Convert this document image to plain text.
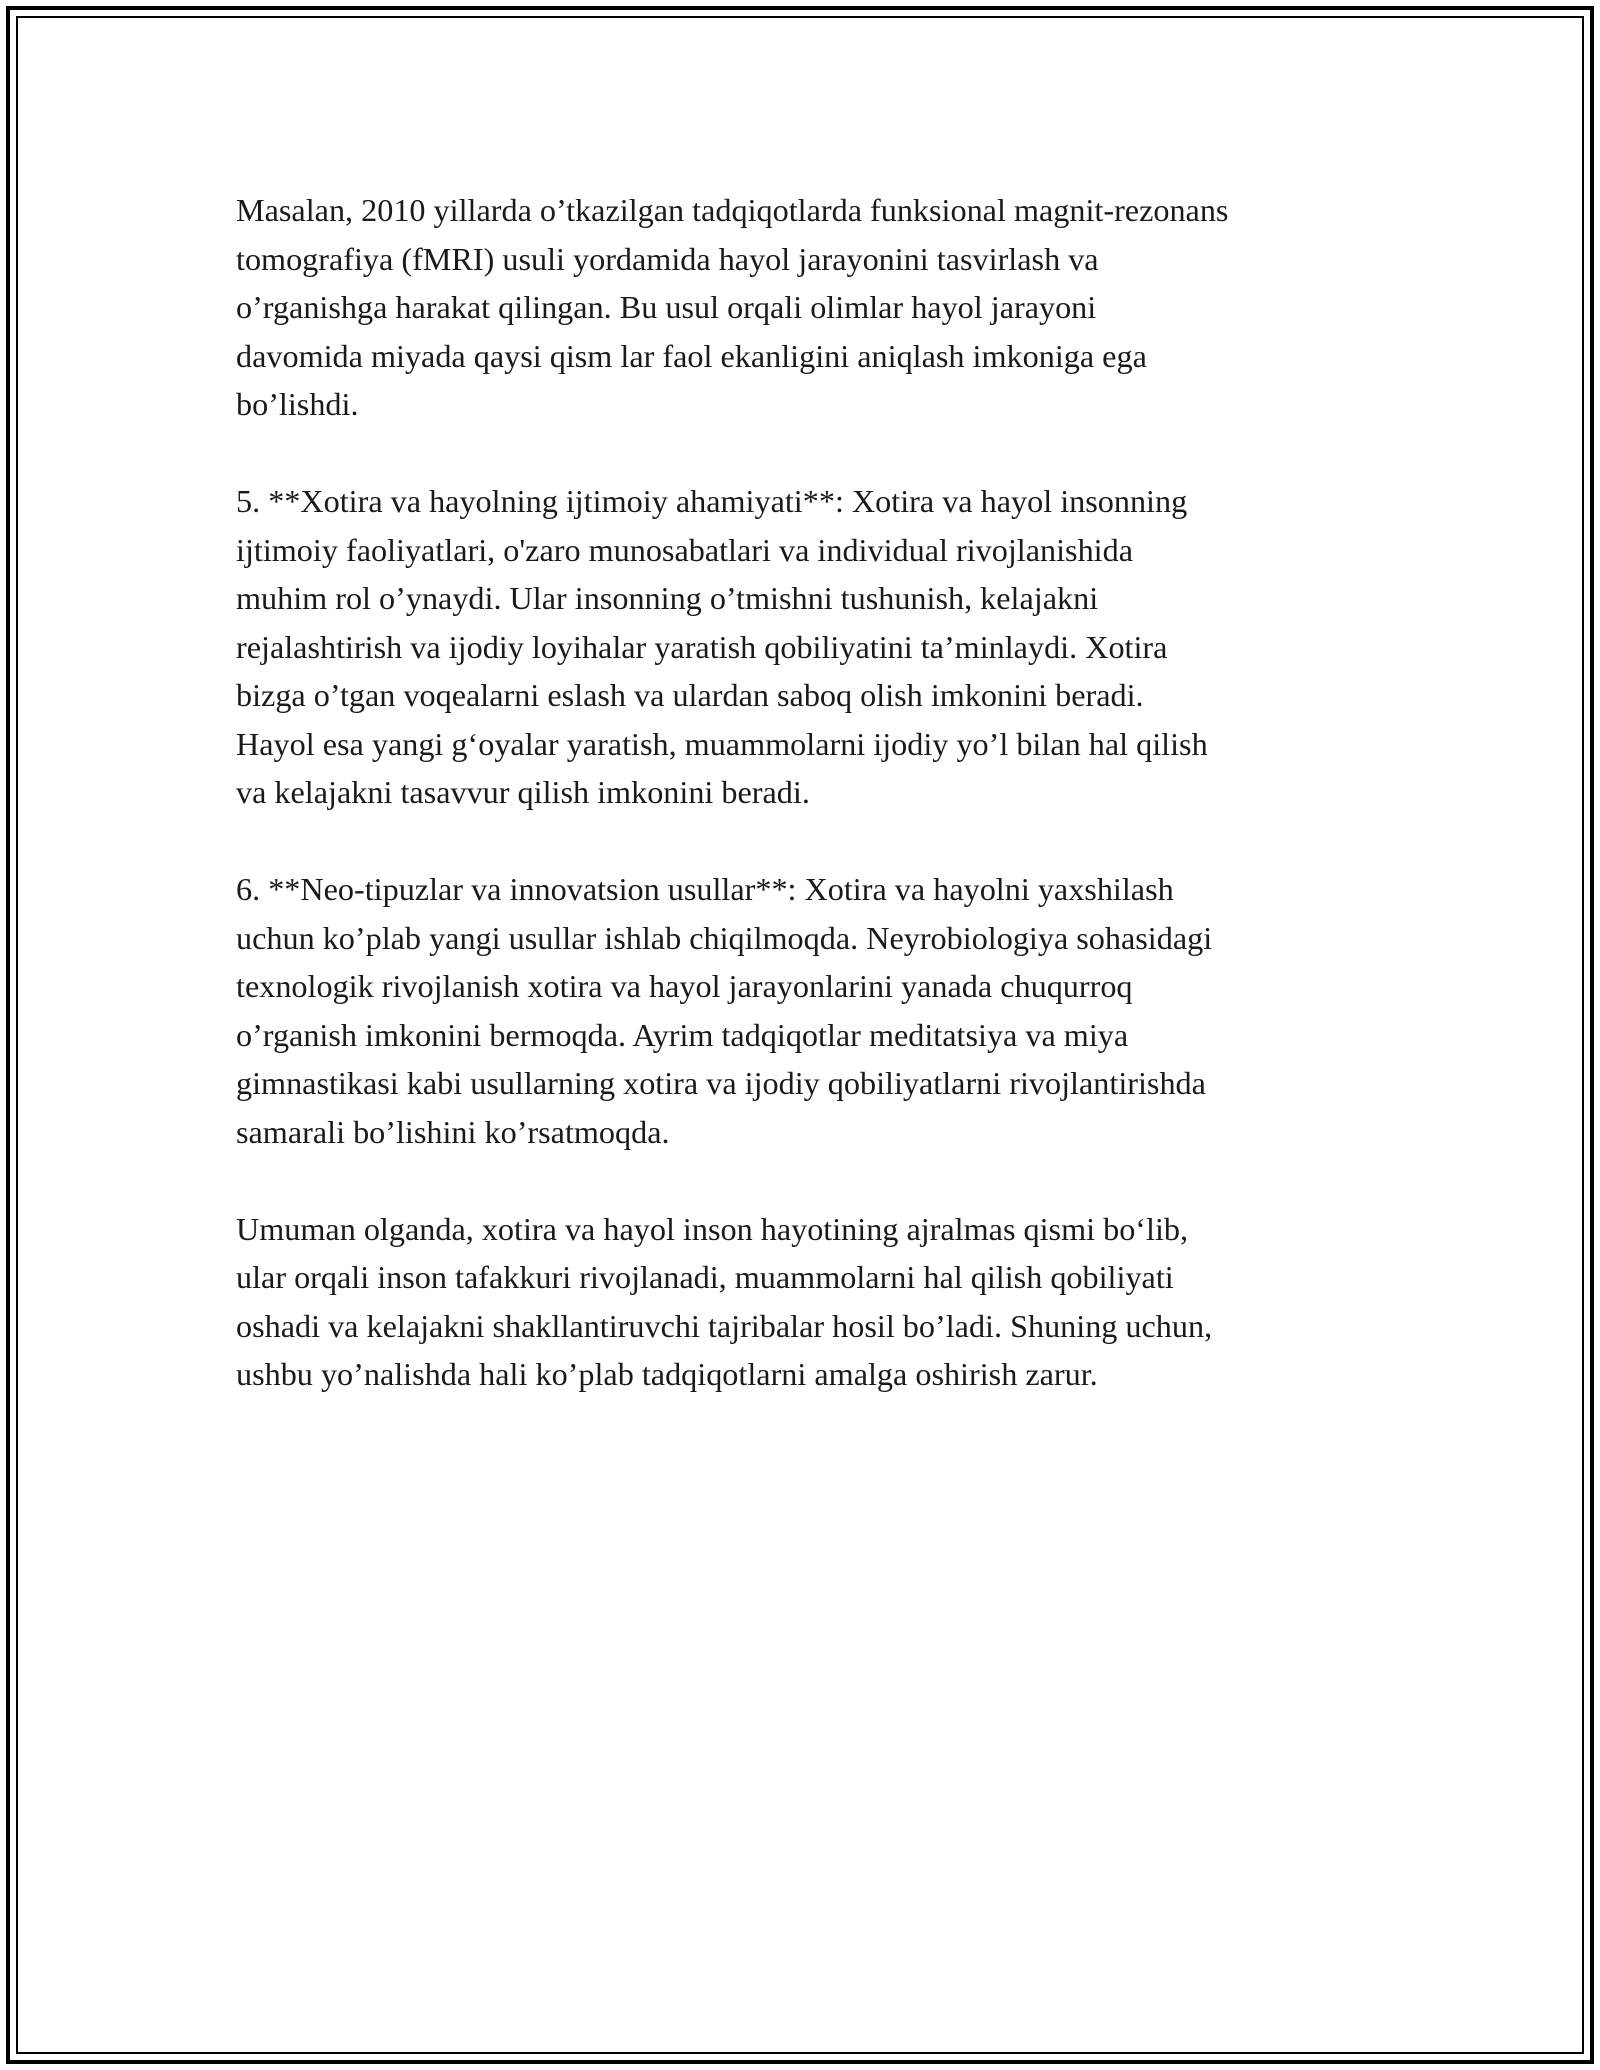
Masalan, 2010 yillarda o’tkazilgan tadqiqotlarda funksional magnit-rezonans
tomografiya (fMRI) usuli yordamida hayol jarayonini tasvirlash va
o’rganishga harakat qilingan. Bu usul orqali olimlar hayol jarayoni
davomida miyada qaysi qism lar faol ekanligini aniqlash imkoniga ega
bo’lishdi.

5. **Xotira va hayolning ijtimoiy ahamiyati**: Xotira va hayol insonning
ijtimoiy faoliyatlari, o'zaro munosabatlari va individual rivojlanishida
muhim rol o’ynaydi. Ular insonning o’tmishni tushunish, kelajakni
rejalashtirish va ijodiy loyihalar yaratish qobiliyatini ta’minlaydi. Xotira
bizga o’tgan voqealarni eslash va ulardan saboq olish imkonini beradi.
Hayol esa yangi g‘oyalar yaratish, muammolarni ijodiy yo’l bilan hal qilish
va kelajakni tasavvur qilish imkonini beradi.

6. **Neo-tipuzlar va innovatsion usullar**: Xotira va hayolni yaxshilash
uchun ko’plab yangi usullar ishlab chiqilmoqda. Neyrobiologiya sohasidagi
texnologik rivojlanish xotira va hayol jarayonlarini yanada chuqurroq
o’rganish imkonini bermoqda. Ayrim tadqiqotlar meditatsiya va miya
gimnastikasi kabi usullarning xotira va ijodiy qobiliyatlarni rivojlantirishda
samarali bo’lishini ko’rsatmoqda.

Umuman olganda, xotira va hayol inson hayotining ajralmas qismi bo‘lib,
ular orqali inson tafakkuri rivojlanadi, muammolarni hal qilish qobiliyati
oshadi va kelajakni shakllantiruvchi tajribalar hosil bo’ladi. Shuning uchun,
ushbu yo’nalishda hali ko’plab tadqiqotlarni amalga oshirish zarur.
